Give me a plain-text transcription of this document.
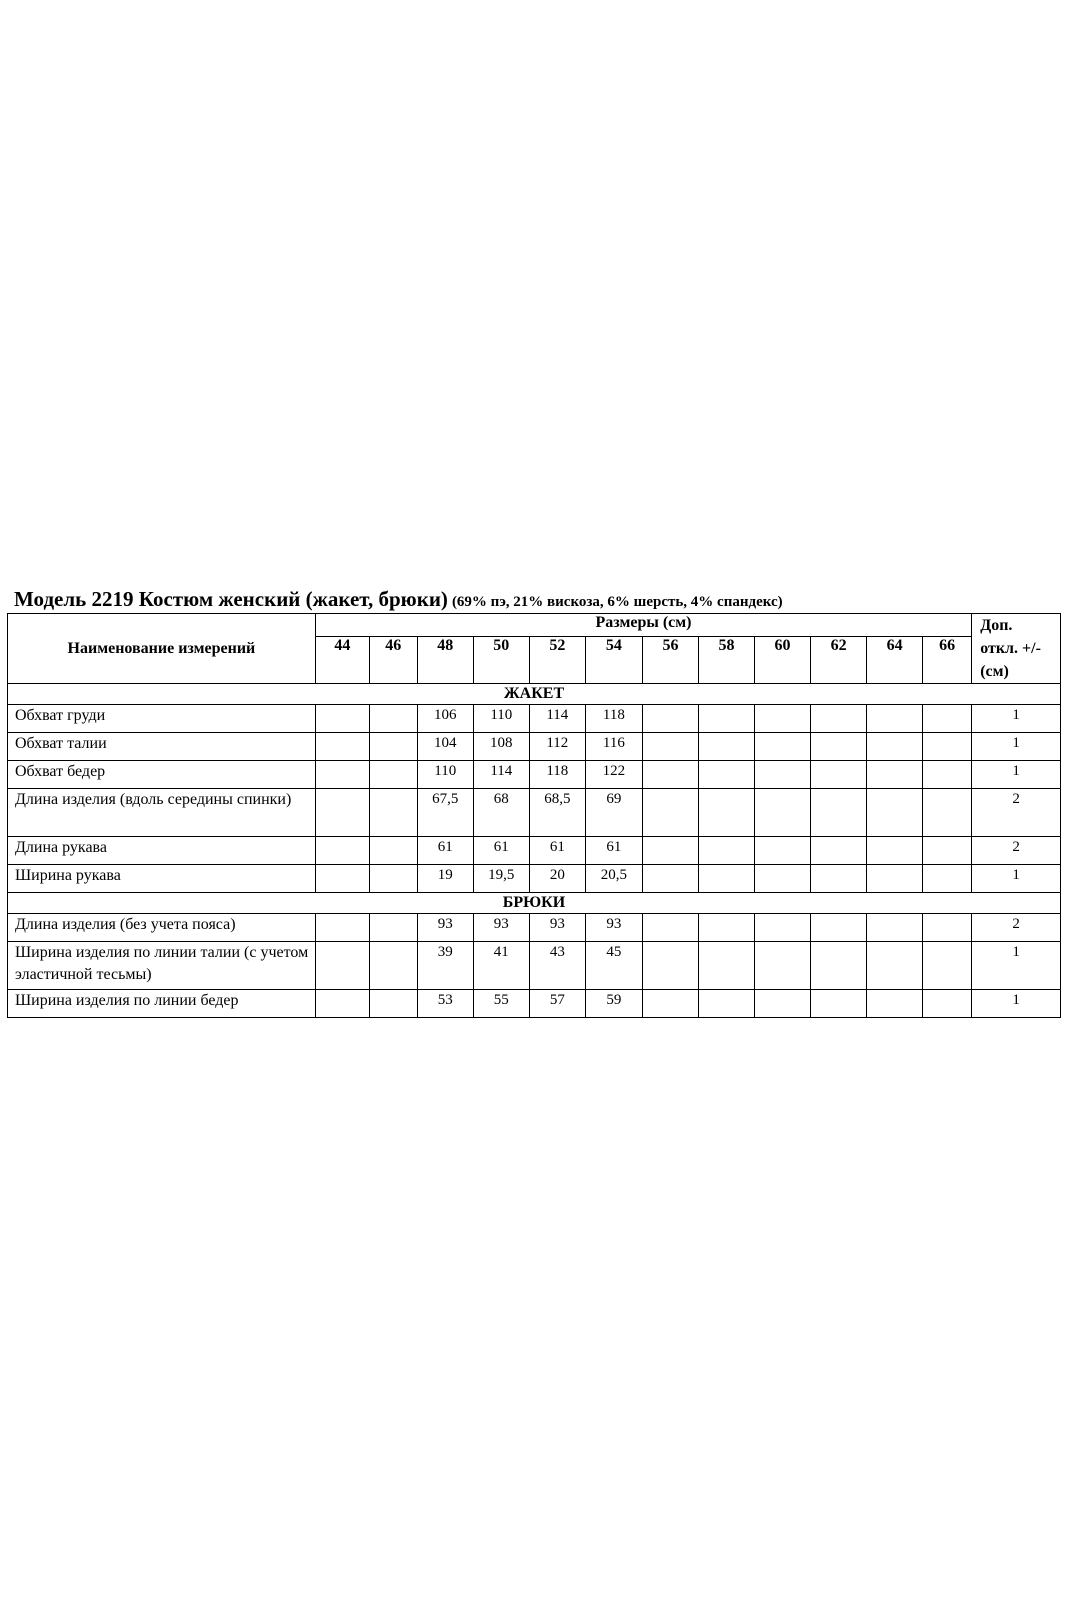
Модель 2219 Костюм женский (жакет, брюки) (69% пэ, 21% вискоза, 6% шерсть, 4% спандекс)
Наименование измерений	Размеры (см)												Доп.
откл. +/-
(см)

	44	46	48	50	52	54	56	58	60	62	64	66	
ЖАКЕТ													
Обхват груди			106	110	114	118							1
Обхват талии			104	108	112	116							1
Обхват бедер			110	114	118	122							1
Длина изделия (вдоль середины спинки)			67,5	68	68,5	69							2
Длина рукава			61	61	61	61							2
Ширина рукава			19	19,5	20	20,5							1
БРЮКИ													
Длина изделия (без учета пояса)			93	93	93	93							2
Ширина изделия по линии талии (с учетом эластичной тесьмы)			39	41	43	45							1
Ширина изделия по линии бедер			53	55	57	59							1
